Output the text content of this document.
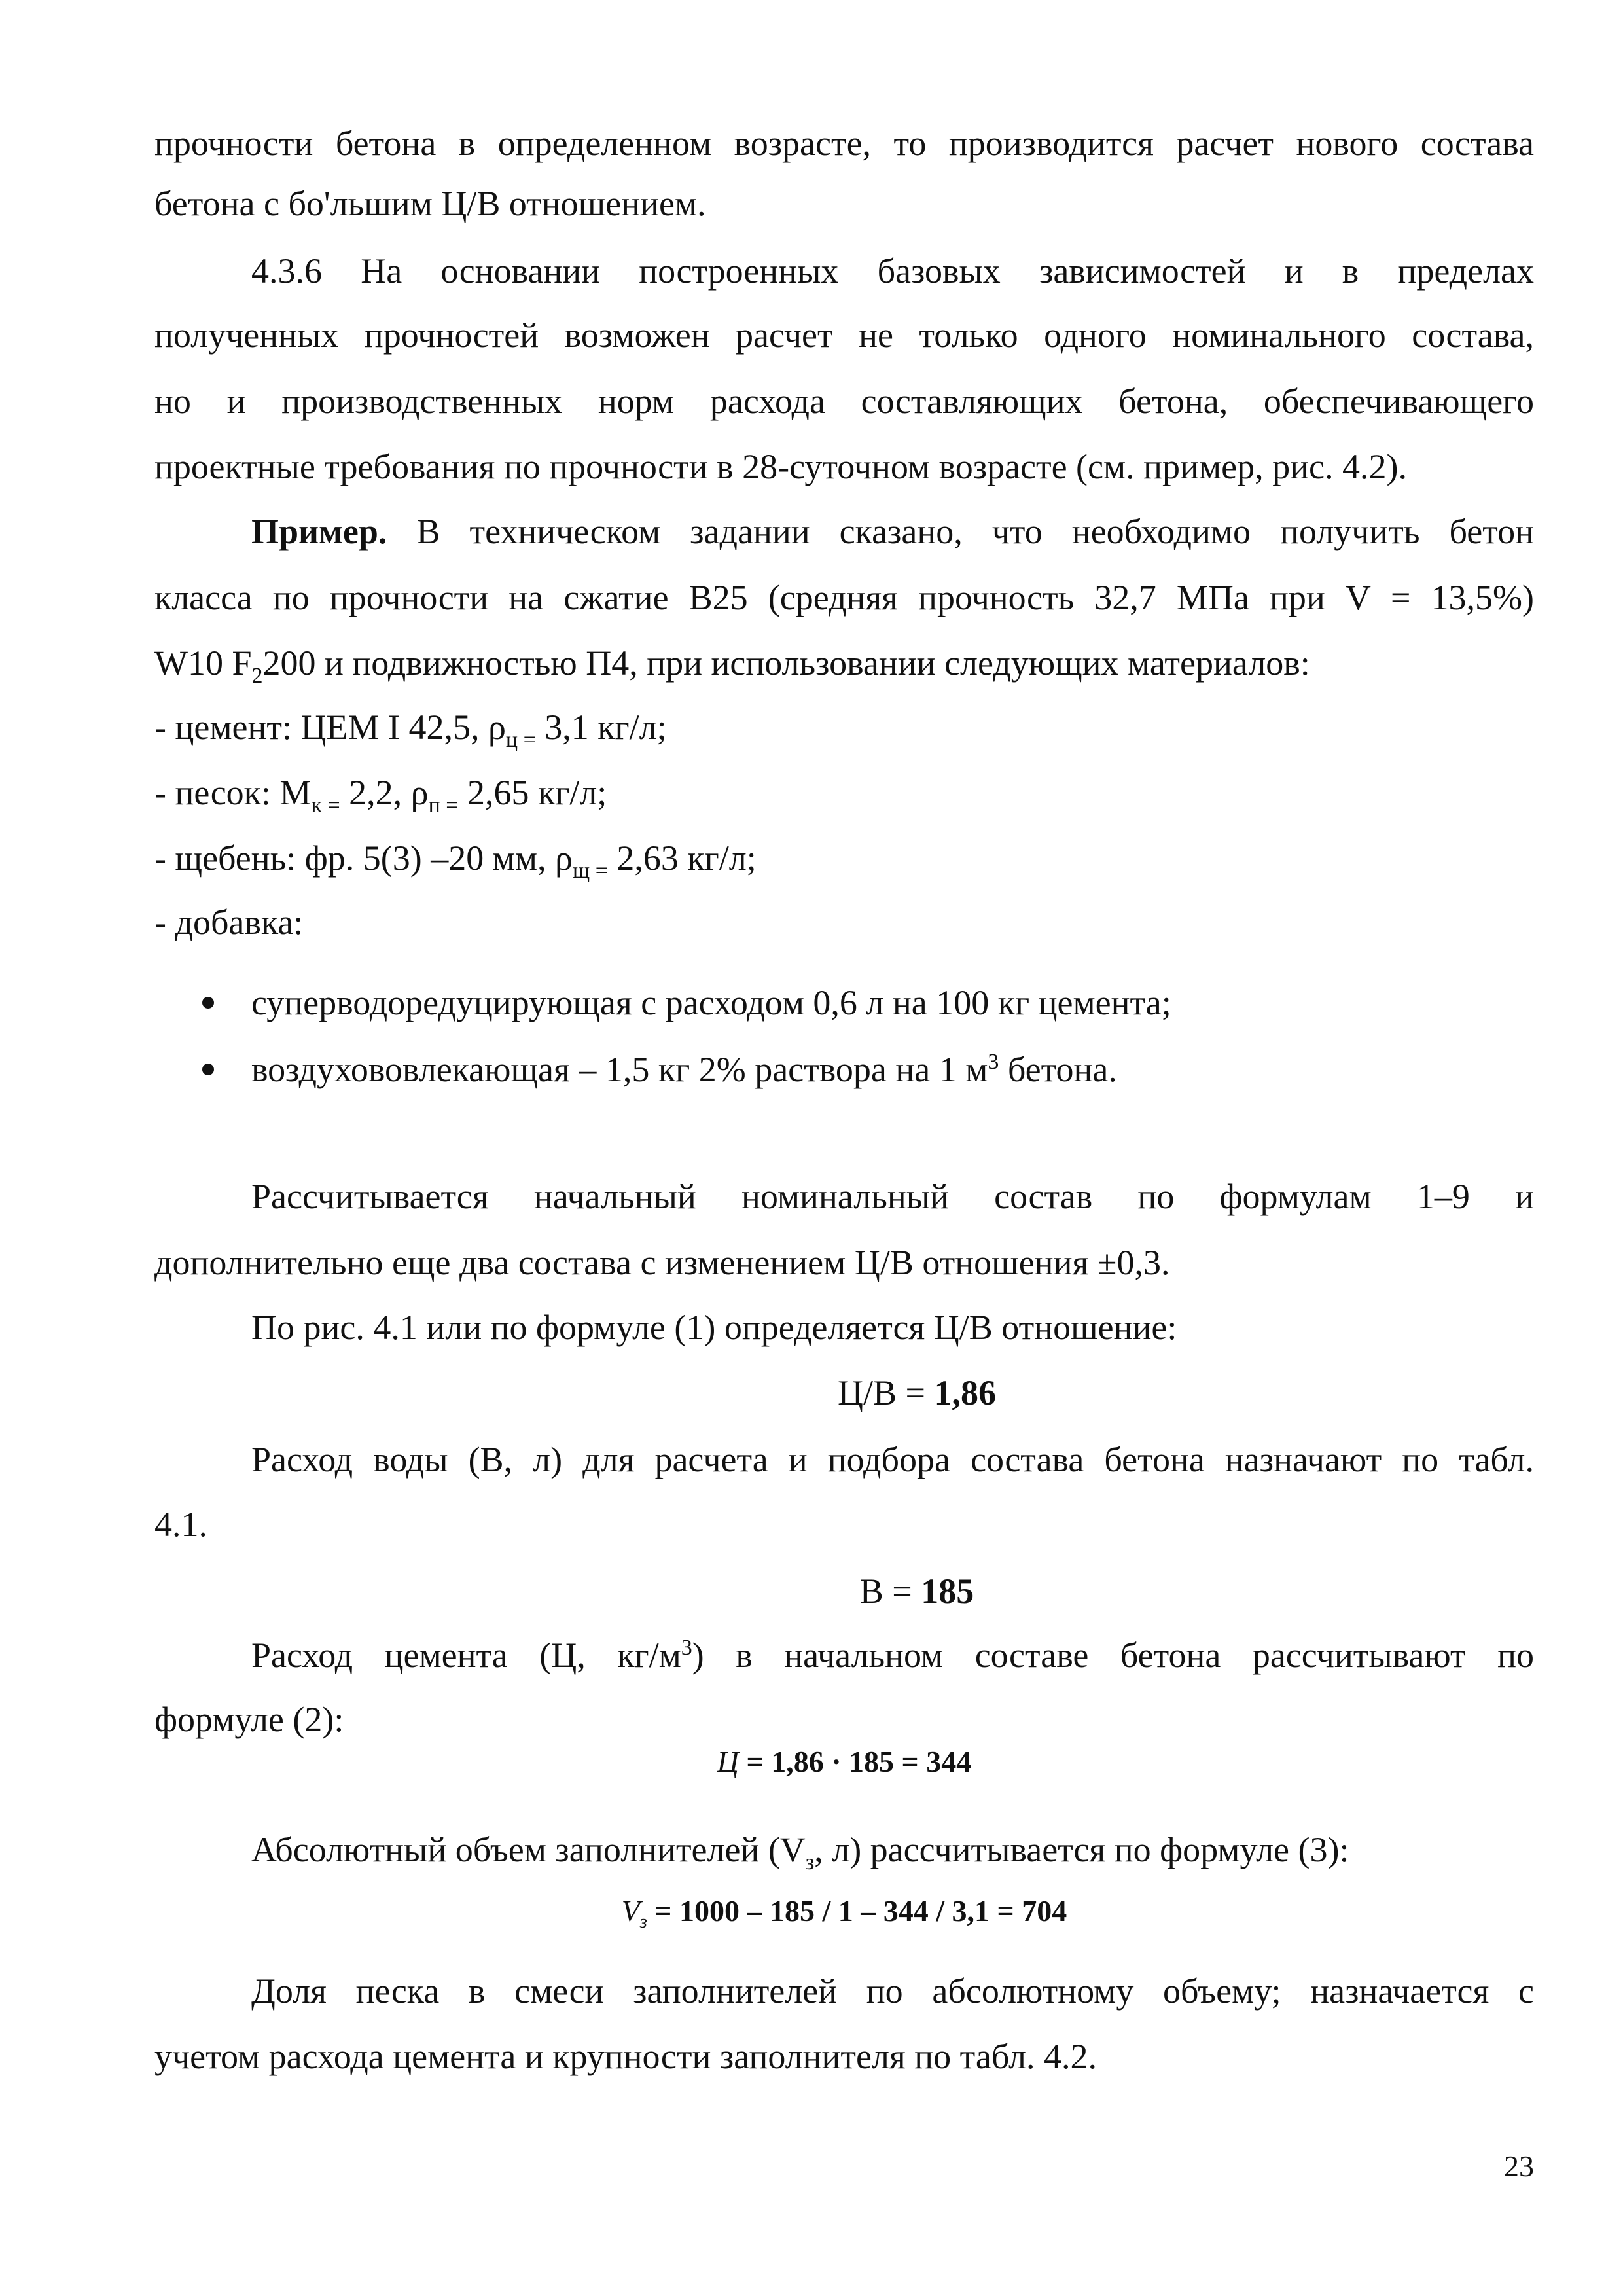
прочности бетона в определенном возрасте, то производится расчет нового состава
бетона с бо'льшим Ц/В отношением.
4.3.6 На основании построенных базовых зависимостей и в пределах
полученных прочностей возможен расчет не только одного номинального состава,
но и производственных норм расхода составляющих бетона, обеспечивающего
проектные требования по прочности в 28-суточном возрасте (см. пример, рис. 4.2).
Пример. В техническом задании сказано, что необходимо получить бетон
класса по прочности на сжатие В25 (средняя прочность 32,7 МПа при V = 13,5%)
W10 $F_2200$ и подвижностью П4, при использовании следующих материалов:
- цемент: ЦЕМ I 42,5, $\rho_{ц =}$ 3,1 кг/л;
- песок: $М_{к =}$ 2,2, $\rho_{п =}$ 2,65 кг/л;
- щебень: фр. 5(3) –20 мм, $\rho_{щ =}$ 2,63 кг/л;
- добавка:
суперводоредуцирующая с расходом 0,6 л на 100 кг цемента;
воздухововлекающая – 1,5 кг 2% раствора на 1 $м^3$ бетона.
Рассчитывается начальный номинальный состав по формулам 1–9 и
дополнительно еще два состава с изменением Ц/В отношения ±0,3.
По рис. 4.1 или по формуле (1) определяется Ц/В отношение:
Ц/В = 1,86
Расход воды (В, л) для расчета и подбора состава бетона назначают по табл.
4.1.
В = 185
Расход цемента (Ц, $кг/м^3$) в начальном составе бетона рассчитывают по
формуле (2):
Ц = 1,86 · 185 = 344
Абсолютный объем заполнителей ($V_з$, л) рассчитывается по формуле (3):
$V_з = 1000 - 185 / 1 - 344 / 3,1 = 704$
Доля песка в смеси заполнителей по абсолютному объему; назначается с
учетом расхода цемента и крупности заполнителя по табл. 4.2.
23
